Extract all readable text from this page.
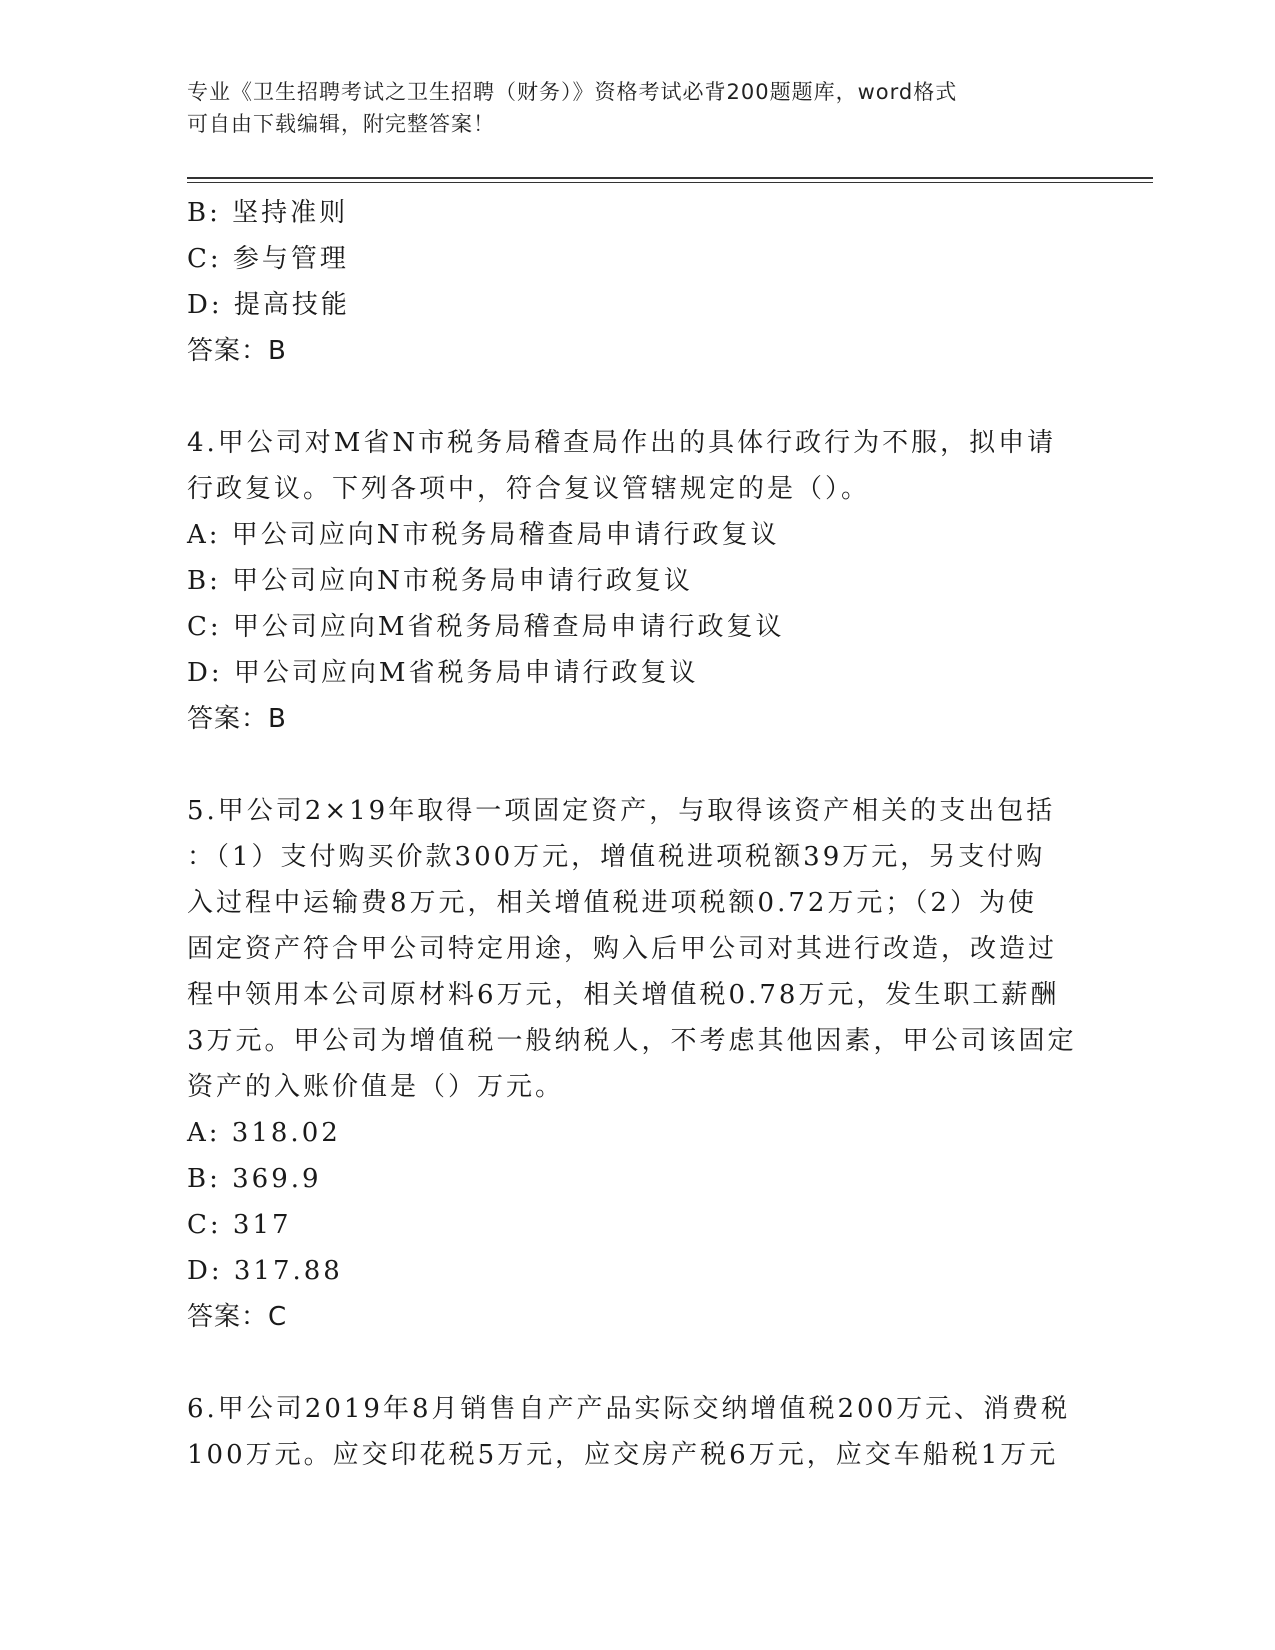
专业《卫生招聘考试之卫生招聘（财务）》资格考试必背200题题库，word格式
可自由下载编辑，附完整答案！
B: 坚持准则
C: 参与管理
D: 提高技能
答案：B
4.甲公司对M省N市税务局稽查局作出的具体行政行为不服，拟申请
行政复议。下列各项中，符合复议管辖规定的是（）。
A: 甲公司应向N市税务局稽查局申请行政复议
B: 甲公司应向N市税务局申请行政复议
C: 甲公司应向M省税务局稽查局申请行政复议
D: 甲公司应向M省税务局申请行政复议
答案：B
5.甲公司2×19年取得一项固定资产，与取得该资产相关的支出包括
：（1）支付购买价款300万元，增值税进项税额39万元，另支付购
入过程中运输费8万元，相关增值税进项税额0.72万元；（2）为使
固定资产符合甲公司特定用途，购入后甲公司对其进行改造，改造过
程中领用本公司原材料6万元，相关增值税0.78万元，发生职工薪酬
3万元。甲公司为增值税一般纳税人，不考虑其他因素，甲公司该固定
资产的入账价值是（）万元。
A: 318.02
B: 369.9
C: 317
D: 317.88
答案：C
6.甲公司2019年8月销售自产产品实际交纳增值税200万元、消费税
100万元。应交印花税5万元，应交房产税6万元，应交车船税1万元
